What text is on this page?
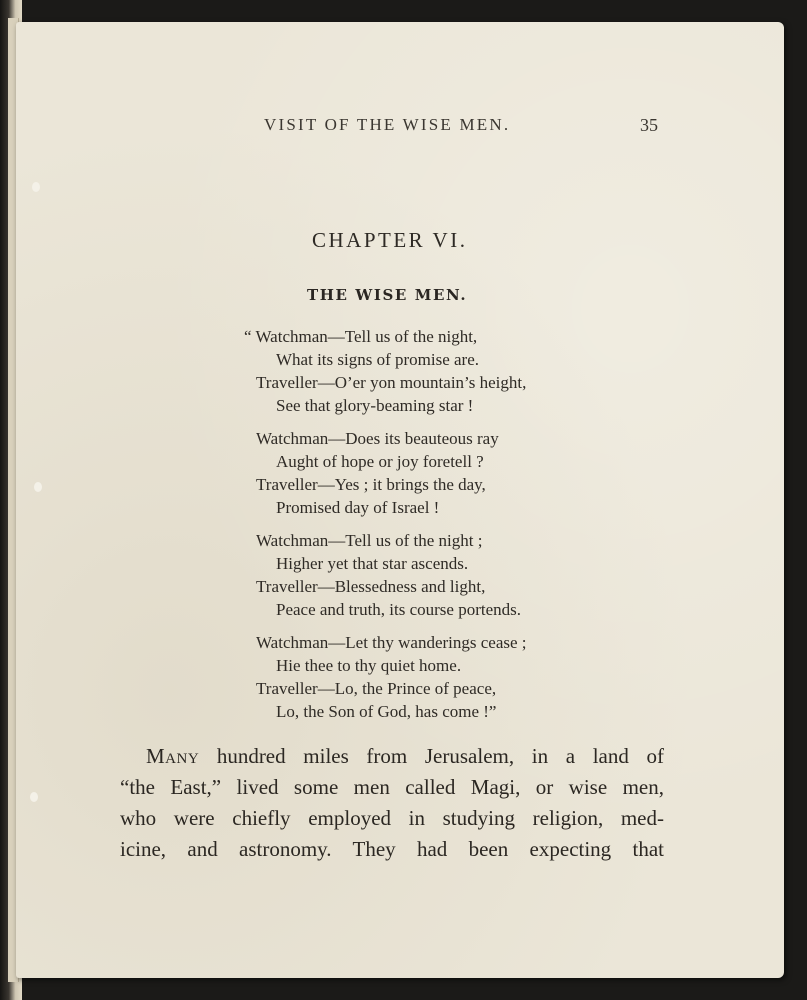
VISIT OF THE WISE MEN.	35
CHAPTER VI.
THE WISE MEN.
“ Watchman—Tell us of the night,
What its signs of promise are.
Traveller—O’er yon mountain’s height,
See that glory-beaming star !
Watchman—Does its beauteous ray
Aught of hope or joy foretell ?
Traveller—Yes ; it brings the day,
Promised day of Israel !
Watchman—Tell us of the night ;
Higher yet that star ascends.
Traveller—Blessedness and light,
Peace and truth, its course portends.
Watchman—Let thy wanderings cease ;
Hie thee to thy quiet home.
Traveller—Lo, the Prince of peace,
Lo, the Son of God, has come !”
Many hundred miles from Jerusalem, in a land of
“the East,” lived some men called Magi, or wise men,
who were chiefly employed in studying religion, med-
icine, and astronomy. They had been expecting that
